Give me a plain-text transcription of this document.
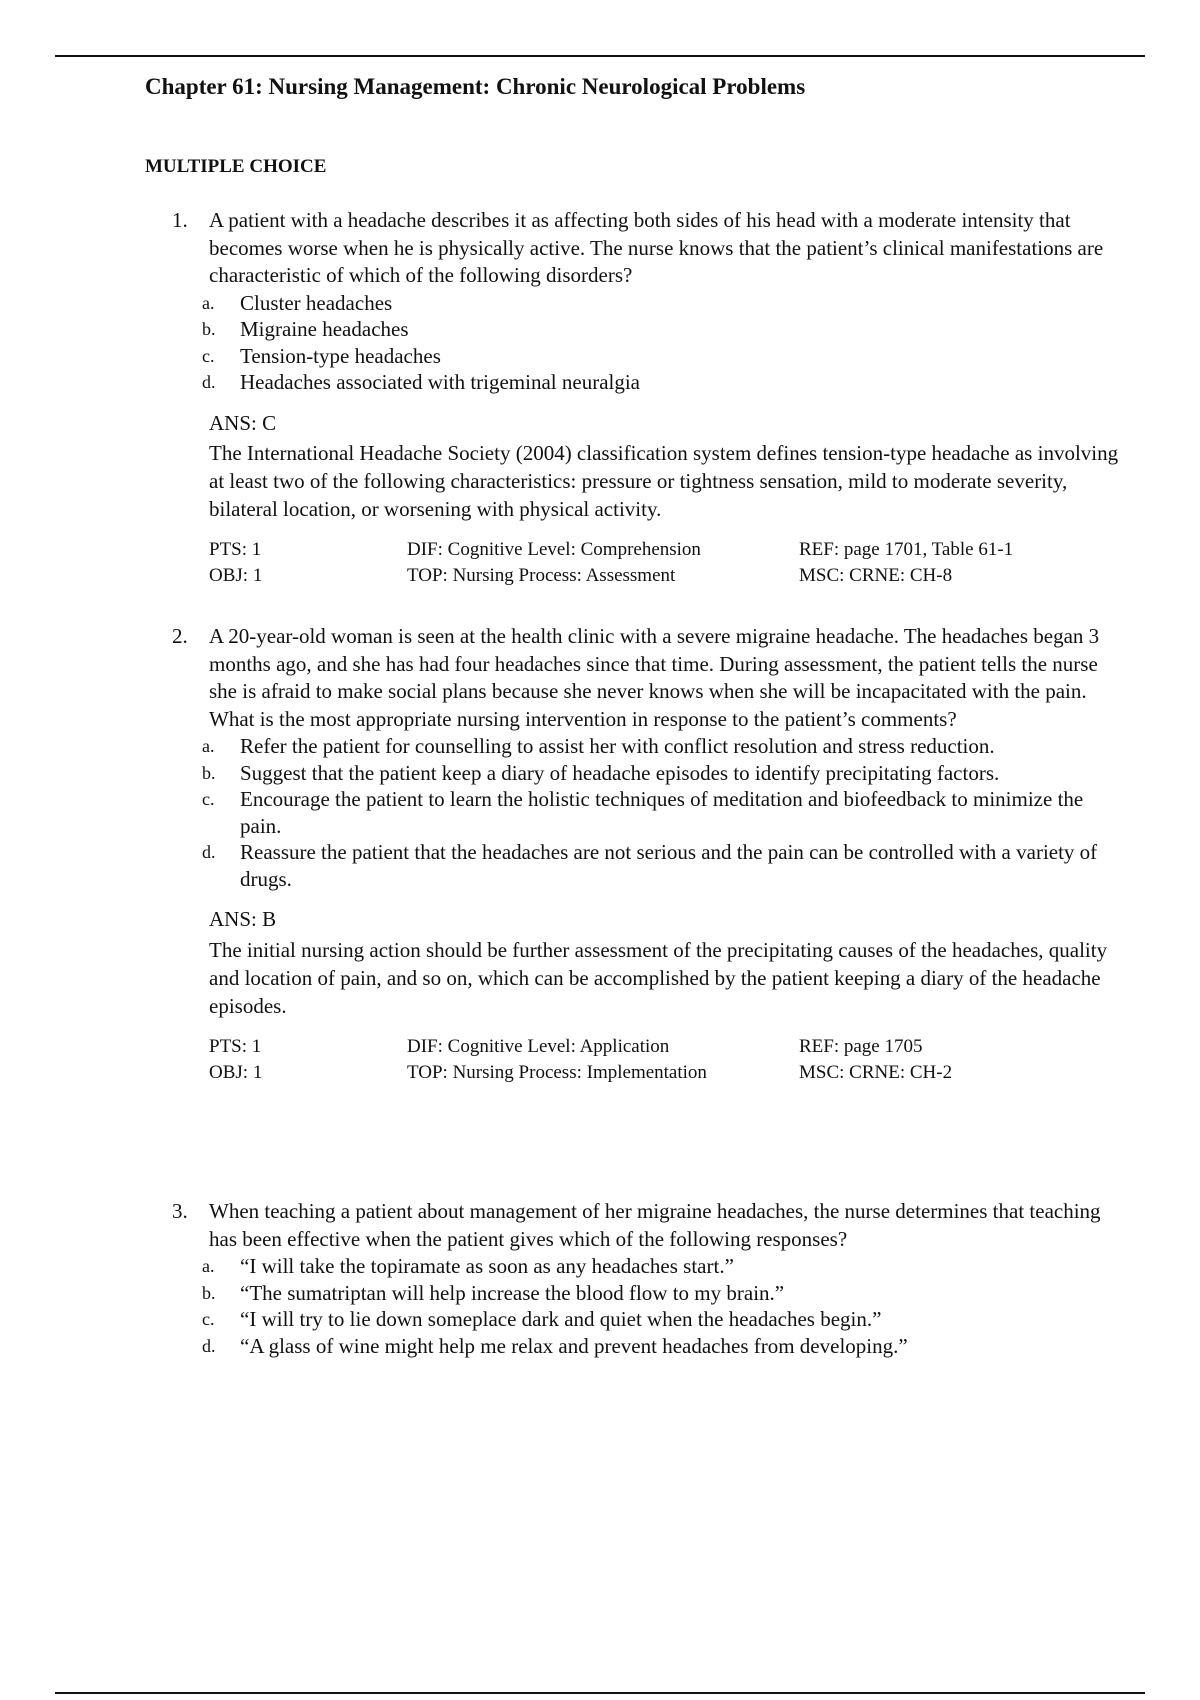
Chapter 61: Nursing Management: Chronic Neurological Problems
MULTIPLE CHOICE
1. A patient with a headache describes it as affecting both sides of his head with a moderate intensity that becomes worse when he is physically active. The nurse knows that the patient’s clinical manifestations are characteristic of which of the following disorders?
a. Cluster headaches
b. Migraine headaches
c. Tension-type headaches
d. Headaches associated with trigeminal neuralgia
ANS: C
The International Headache Society (2004) classification system defines tension-type headache as involving at least two of the following characteristics: pressure or tightness sensation, mild to moderate severity, bilateral location, or worsening with physical activity.
PTS: 1	DIF: Cognitive Level: Comprehension	REF: page 1701, Table 61-1
OBJ: 1	TOP: Nursing Process: Assessment	MSC: CRNE: CH-8
2. A 20-year-old woman is seen at the health clinic with a severe migraine headache. The headaches began 3 months ago, and she has had four headaches since that time. During assessment, the patient tells the nurse she is afraid to make social plans because she never knows when she will be incapacitated with the pain. What is the most appropriate nursing intervention in response to the patient’s comments?
a. Refer the patient for counselling to assist her with conflict resolution and stress reduction.
b. Suggest that the patient keep a diary of headache episodes to identify precipitating factors.
c. Encourage the patient to learn the holistic techniques of meditation and biofeedback to minimize the pain.
d. Reassure the patient that the headaches are not serious and the pain can be controlled with a variety of drugs.
ANS: B
The initial nursing action should be further assessment of the precipitating causes of the headaches, quality and location of pain, and so on, which can be accomplished by the patient keeping a diary of the headache episodes.
PTS: 1	DIF: Cognitive Level: Application	REF: page 1705
OBJ: 1	TOP: Nursing Process: Implementation	MSC: CRNE: CH-2
3. When teaching a patient about management of her migraine headaches, the nurse determines that teaching has been effective when the patient gives which of the following responses?
a. “I will take the topiramate as soon as any headaches start.”
b. “The sumatriptan will help increase the blood flow to my brain.”
c. “I will try to lie down someplace dark and quiet when the headaches begin.”
d. “A glass of wine might help me relax and prevent headaches from developing.”
